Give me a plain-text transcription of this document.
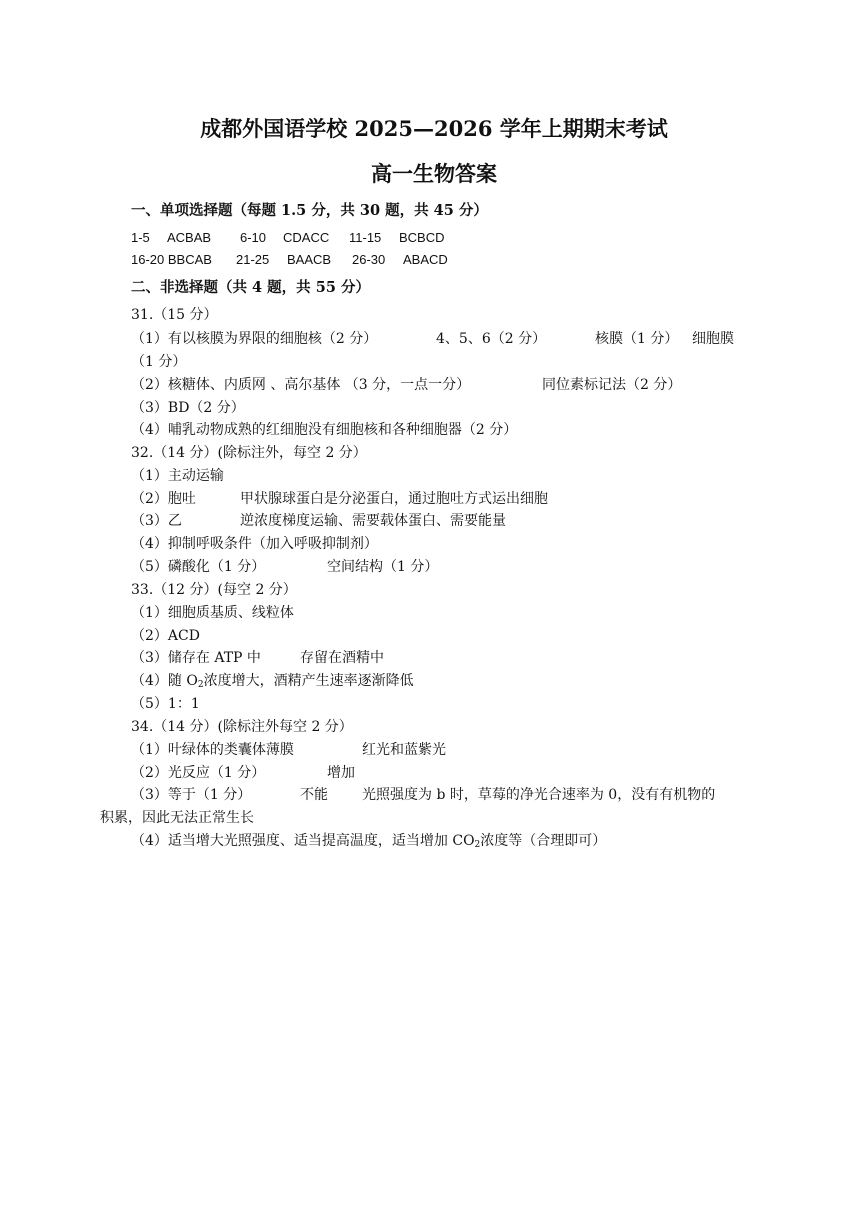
成都外国语学校 2025—2026 学年上期期末考试
高一生物答案
一、单项选择题（每题 1.5 分，共 30 题，共 45 分）
1-5 ACBAB 6-10 CDACC 11-15 BCBCD
16-20 BBCAB 21-25 BAACB 26-30 ABACD
二、非选择题（共 4 题，共 55 分）
31.（15 分）
（1）有以核膜为界限的细胞核（2 分）	4、5、6（2 分）	核膜（1 分） 细胞膜
（1 分）
（2）核糖体、内质网 、高尔基体 （3 分，一点一分）	同位素标记法（2 分）
（3）BD（2 分）
（4）哺乳动物成熟的红细胞没有细胞核和各种细胞器（2 分）
32.（14 分）(除标注外，每空 2 分）
（1）主动运输
（2）胞吐	甲状腺球蛋白是分泌蛋白，通过胞吐方式运出细胞
（3）乙	逆浓度梯度运输、需要载体蛋白、需要能量
（4）抑制呼吸条件（加入呼吸抑制剂）
（5）磷酸化（1 分）	空间结构（1 分）
33.（12 分）(每空 2 分）
（1）细胞质基质、线粒体
（2）ACD
（3）储存在 ATP 中	存留在酒精中
（4）随 $O_2$浓度增大，酒精产生速率逐渐降低
（5）1：1
34.（14 分）(除标注外每空 2 分）
（1）叶绿体的类囊体薄膜	红光和蓝紫光
（2）光反应（1 分）	增加
（3）等于（1 分）	不能 光照强度为 b 时，草莓的净光合速率为 0，没有有机物的
积累，因此无法正常生长
（4）适当增大光照强度、适当提高温度，适当增加 $CO_2$浓度等（合理即可）
